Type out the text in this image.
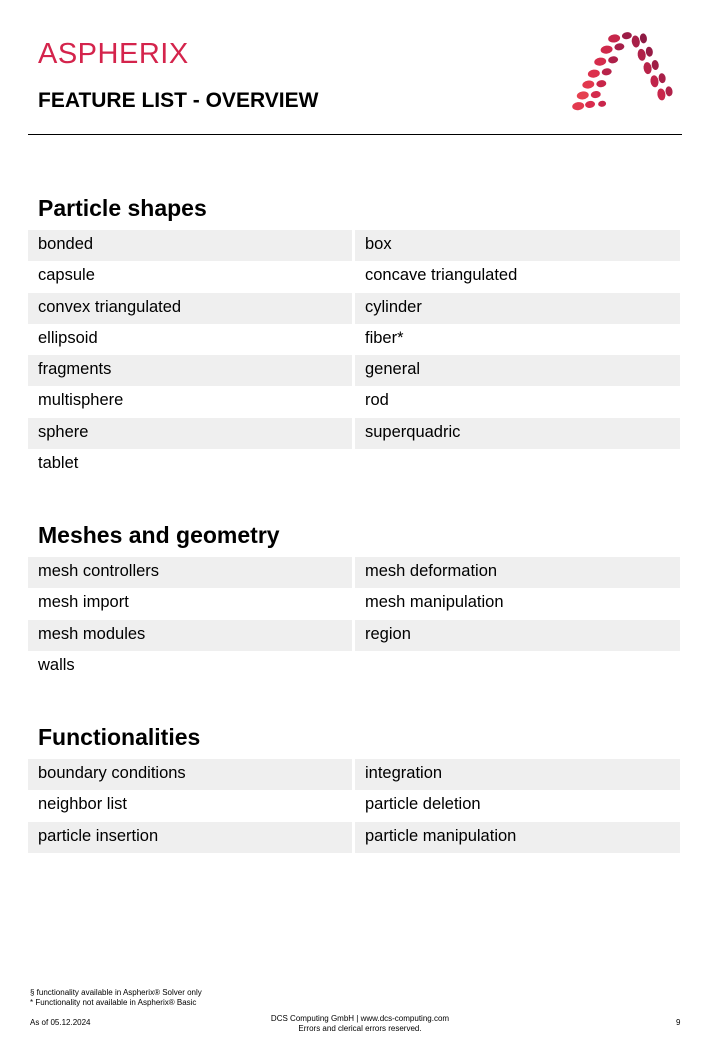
ASPHERIX
FEATURE LIST - OVERVIEW
Particle shapes
bonded	box
capsule	concave triangulated
convex triangulated	cylinder
ellipsoid	fiber*
fragments	general
multisphere	rod
sphere	superquadric
tablet
Meshes and geometry
mesh controllers	mesh deformation
mesh import	mesh manipulation
mesh modules	region
walls
Functionalities
boundary conditions	integration
neighbor list	particle deletion
particle insertion	particle manipulation
§ functionality available in Aspherix® Solver only
* Functionality not available in Aspherix® Basic
As of 05.12.2024	DCS Computing GmbH | www.dcs-computing.com
Errors and clerical errors reserved.
9
